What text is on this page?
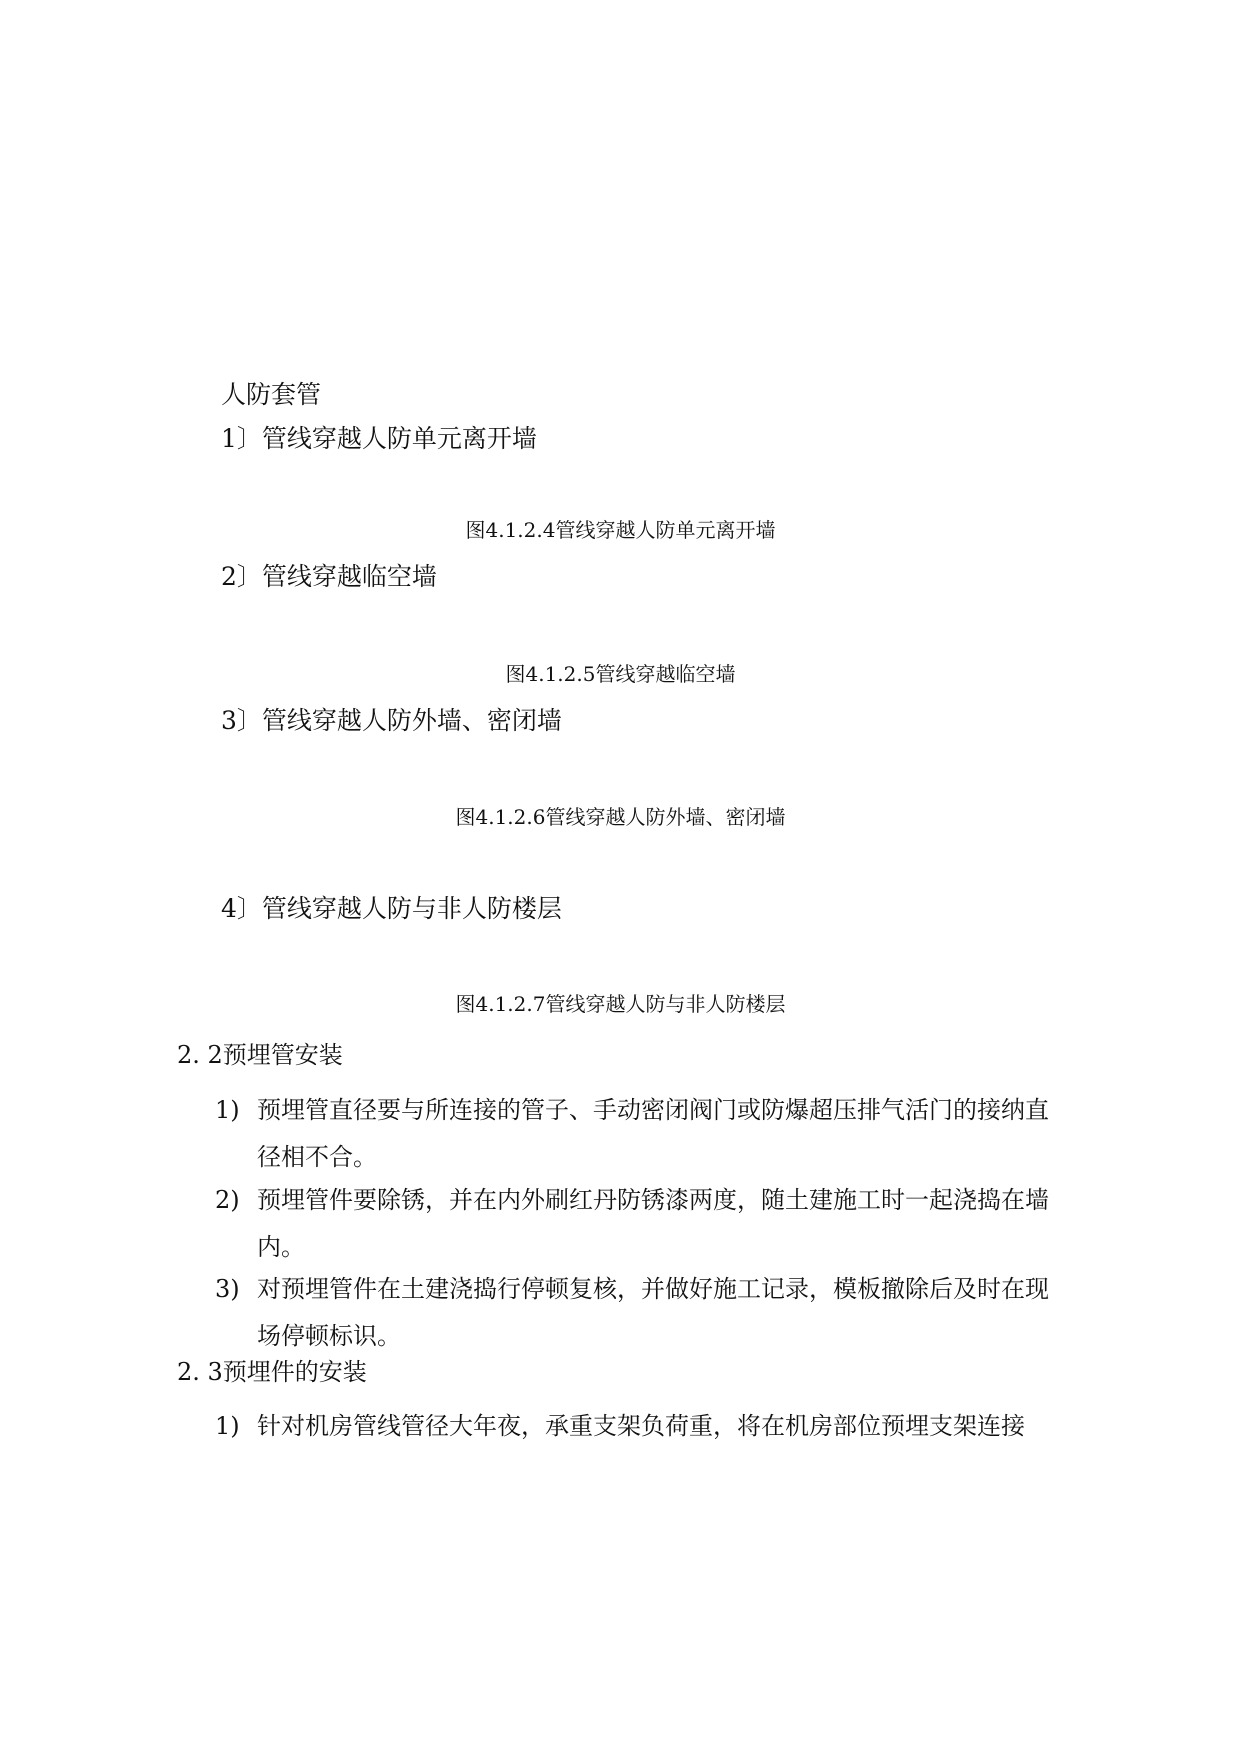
人防套管
1〕管线穿越人防单元离开墙
图4.1.2.4管线穿越人防单元离开墙
2〕管线穿越临空墙
图4.1.2.5管线穿越临空墙
3〕管线穿越人防外墙、密闭墙
图4.1.2.6管线穿越人防外墙、密闭墙
4〕管线穿越人防与非人防楼层
图4.1.2.7管线穿越人防与非人防楼层
2. 2预埋管安装
1) 预埋管直径要与所连接的管子、手动密闭阀门或防爆超压排气活门的接纳直径相不合。
2) 预埋管件要除锈，并在内外刷红丹防锈漆两度，随土建施工时一起浇捣在墙内。
3) 对预埋管件在土建浇捣行停顿复核，并做好施工记录，模板撤除后及时在现场停顿标识。
2. 3预埋件的安装
1) 针对机房管线管径大年夜，承重支架负荷重，将在机房部位预埋支架连接
